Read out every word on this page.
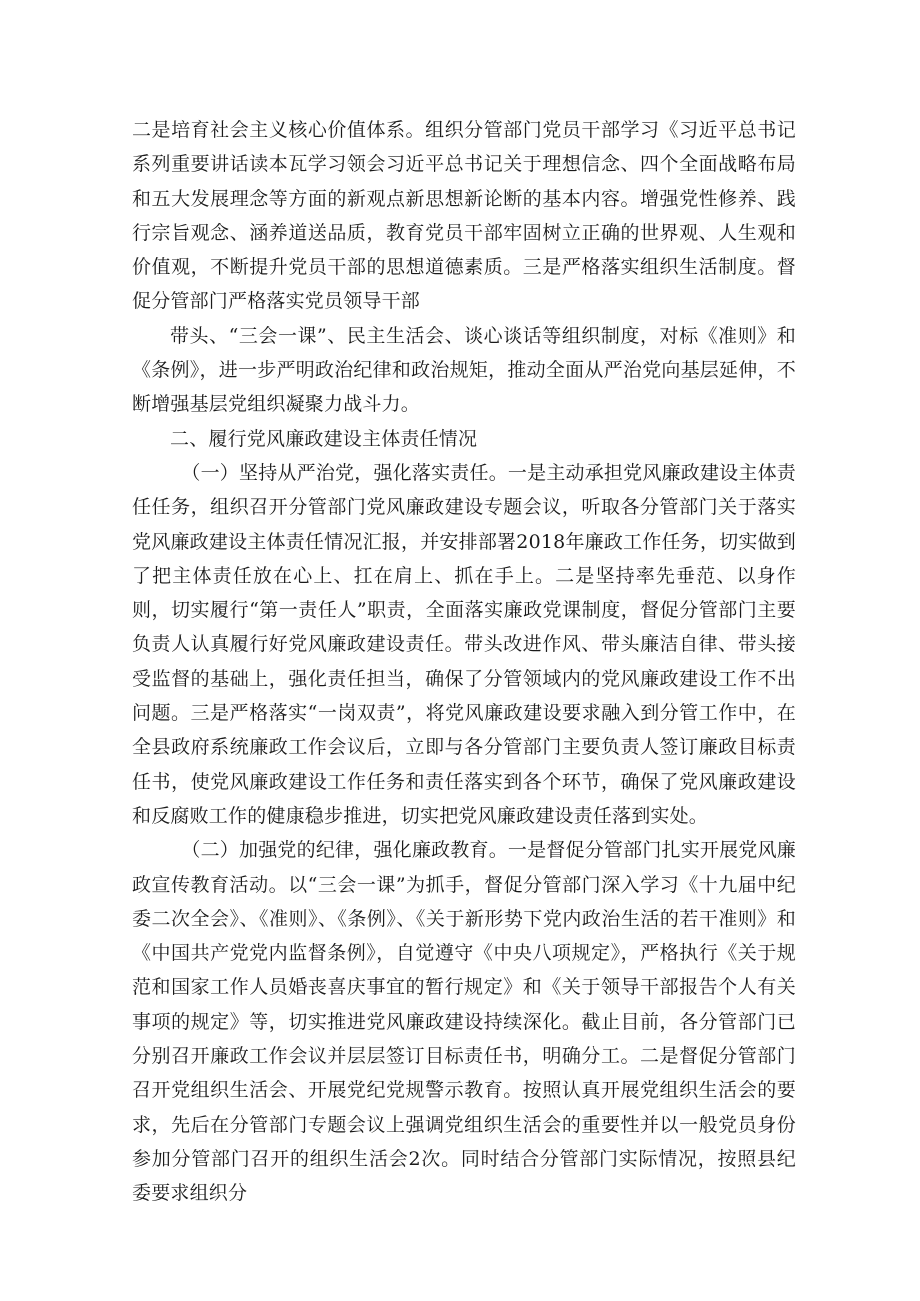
二是培育社会主义核心价值体系。组织分管部门党员干部学习《习近平总书记系列重要讲话读本瓦学习领会习近平总书记关于理想信念、四个全面战略布局和五大发展理念等方面的新观点新思想新论断的基本内容。增强党性修养、践行宗旨观念、涵养道送品质，教育党员干部牢固树立正确的世界观、人生观和价值观，不断提升党员干部的思想道德素质。三是严格落实组织生活制度。督促分管部门严格落实党员领导干部

带头、“三会一课”、民主生活会、谈心谈话等组织制度，对标《准则》和《条例》，进一步严明政治纪律和政治规矩，推动全面从严治党向基层延伸，不断增强基层党组织凝聚力战斗力。

二、履行党风廉政建设主体责任情况

（一）坚持从严治党，强化落实责任。一是主动承担党风廉政建设主体责任任务，组织召开分管部门党风廉政建设专题会议，听取各分管部门关于落实党风廉政建设主体责任情况汇报，并安排部署2018年廉政工作任务，切实做到了把主体责任放在心上、扛在肩上、抓在手上。二是坚持率先垂范、以身作则，切实履行“第一责任人”职责，全面落实廉政党课制度，督促分管部门主要负责人认真履行好党风廉政建设责任。带头改进作风、带头廉洁自律、带头接受监督的基础上，强化责任担当，确保了分管领域内的党风廉政建设工作不出问题。三是严格落实“一岗双责”，将党风廉政建设要求融入到分管工作中，在全县政府系统廉政工作会议后，立即与各分管部门主要负责人签订廉政目标责任书，使党风廉政建设工作任务和责任落实到各个环节，确保了党风廉政建设和反腐败工作的健康稳步推进，切实把党风廉政建设责任落到实处。

（二）加强党的纪律，强化廉政教育。一是督促分管部门扎实开展党风廉政宣传教育活动。以“三会一课”为抓手，督促分管部门深入学习《十九届中纪委二次全会》、《准则》、《条例》、《关于新形势下党内政治生活的若干准则》和《中国共产党党内监督条例》，自觉遵守《中央八项规定》，严格执行《关于规范和国家工作人员婚丧喜庆事宜的暂行规定》和《关于领导干部报告个人有关事项的规定》等，切实推进党风廉政建设持续深化。截止目前，各分管部门已分别召开廉政工作会议并层层签订目标责任书，明确分工。二是督促分管部门召开党组织生活会、开展党纪党规警示教育。按照认真开展党组织生活会的要求，先后在分管部门专题会议上强调党组织生活会的重要性并以一般党员身份参加分管部门召开的组织生活会2次。同时结合分管部门实际情况，按照县纪委要求组织分
